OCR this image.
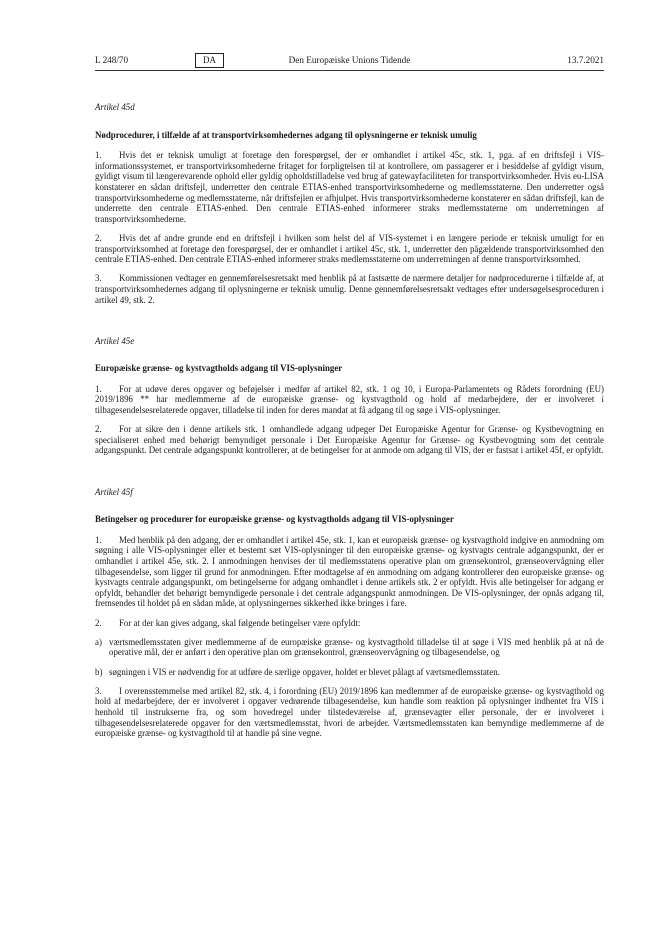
L 248/70	DA	Den Europæiske Unions Tidende	13.7.2021
Artikel 45d
Nødprocedurer, i tilfælde af at transportvirksomhedernes adgang til oplysningerne er teknisk umulig

1. Hvis det er teknisk umuligt at foretage den forespørgsel, der er omhandlet i artikel 45c, stk. 1, pga. af en driftsfejl i VIS-informationssystemet, er transportvirksomhederne fritaget for forpligtelsen til at kontrollere, om passagerer er i besiddelse af gyldigt visum, gyldigt visum til længerevarende ophold eller gyldig opholdstilladelse ved brug af gatewayfaciliteten for transportvirksomheder. Hvis eu-LISA konstaterer en sådan driftsfejl, underretter den centrale ETIAS-enhed transportvirksomhederne og medlemsstaterne. Den underretter også transportvirksomhederne og medlemsstaterne, når driftsfejlen er afhjulpet. Hvis transportvirksomhederne konstaterer en sådan driftsfejl, kan de underrette den centrale ETIAS-enhed. Den centrale ETIAS-enhed informerer straks medlemsstaterne om underretningen af transportvirksomhederne.

2. Hvis det af andre grunde end en driftsfejl i hvilken som helst del af VIS-systemet i en længere periode er teknisk umuligt for en transportvirksomhed at foretage den forespørgsel, der er omhandlet i artikel 45c, stk. 1, underretter den pågældende transportvirksomhed den centrale ETIAS-enhed. Den centrale ETIAS-enhed informerer straks medlemsstaterne om underretningen af denne transportvirksomhed.

3. Kommissionen vedtager en gennemførelsesretsakt med henblik på at fastsætte de nærmere detaljer for nødprocedurerne i tilfælde af, at transportvirksomhedernes adgang til oplysningerne er teknisk umulig. Denne gennemførelsesretsakt vedtages efter undersøgelsesproceduren i artikel 49, stk. 2.

Artikel 45e
Europæiske grænse- og kystvagtholds adgang til VIS-oplysninger

1. For at udøve deres opgaver og beføjelser i medfør af artikel 82, stk. 1 og 10, i Europa-Parlamentets og Rådets forordning (EU) 2019/1896 ** har medlemmerne af de europæiske grænse- og kystvagthold og hold af medarbejdere, der er involveret i tilbagesendelsesrelaterede opgaver, tilladelse til inden for deres mandat at få adgang til og søge i VIS-oplysninger.

2. For at sikre den i denne artikels stk. 1 omhandlede adgang udpeger Det Europæiske Agentur for Grænse- og Kystbevogtning en specialiseret enhed med behørigt bemyndiget personale i Det Europæiske Agentur for Grænse- og Kystbevogtning som det centrale adgangspunkt. Det centrale adgangspunkt kontrollerer, at de betingelser for at anmode om adgang til VIS, der er fastsat i artikel 45f, er opfyldt.

Artikel 45f
Betingelser og procedurer for europæiske grænse- og kystvagtholds adgang til VIS-oplysninger

1. Med henblik på den adgang, der er omhandlet i artikel 45e, stk. 1, kan et europæisk grænse- og kystvagthold indgive en anmodning om søgning i alle VIS-oplysninger eller et bestemt sæt VIS-oplysninger til den europæiske grænse- og kystvagts centrale adgangspunkt, der er omhandlet i artikel 45e, stk. 2. I anmodningen henvises der til medlemsstatens operative plan om grænsekontrol, grænseovervågning eller tilbagesendelse, som ligger til grund for anmodningen. Efter modtagelse af en anmodning om adgang kontrollerer den europæiske grænse- og kystvagts centrale adgangspunkt, om betingelserne for adgang omhandlet i denne artikels stk. 2 er opfyldt. Hvis alle betingelser for adgang er opfyldt, behandler det behørigt bemyndigede personale i det centrale adgangspunkt anmodningen. De VIS-oplysninger, der opnås adgang til, fremsendes til holdet på en sådan måde, at oplysningernes sikkerhed ikke bringes i fare.

2. For at der kan gives adgang, skal følgende betingelser være opfyldt:

a) værtsmedlemsstaten giver medlemmerne af de europæiske grænse- og kystvagthold tilladelse til at søge i VIS med henblik på at nå de operative mål, der er anført i den operative plan om grænsekontrol, grænseovervågning og tilbagesendelse, og

b) søgningen i VIS er nødvendig for at udføre de særlige opgaver, holdet er blevet pålagt af værtsmedlemsstaten.

3. I overensstemmelse med artikel 82, stk. 4, i forordning (EU) 2019/1896 kan medlemmer af de europæiske grænse- og kystvagthold og hold af medarbejdere, der er involveret i opgaver vedrørende tilbagesendelse, kun handle som reaktion på oplysninger indhentet fra VIS i henhold til instrukserne fra, og som hovedregel under tilstedeværelse af, grænsevagter eller personale, der er involveret i tilbagesendelsesrelaterede opgaver for den værtsmedlemsstat, hvori de arbejder. Værtsmedlemsstaten kan bemyndige medlemmerne af de europæiske grænse- og kystvagthold til at handle på sine vegne.
